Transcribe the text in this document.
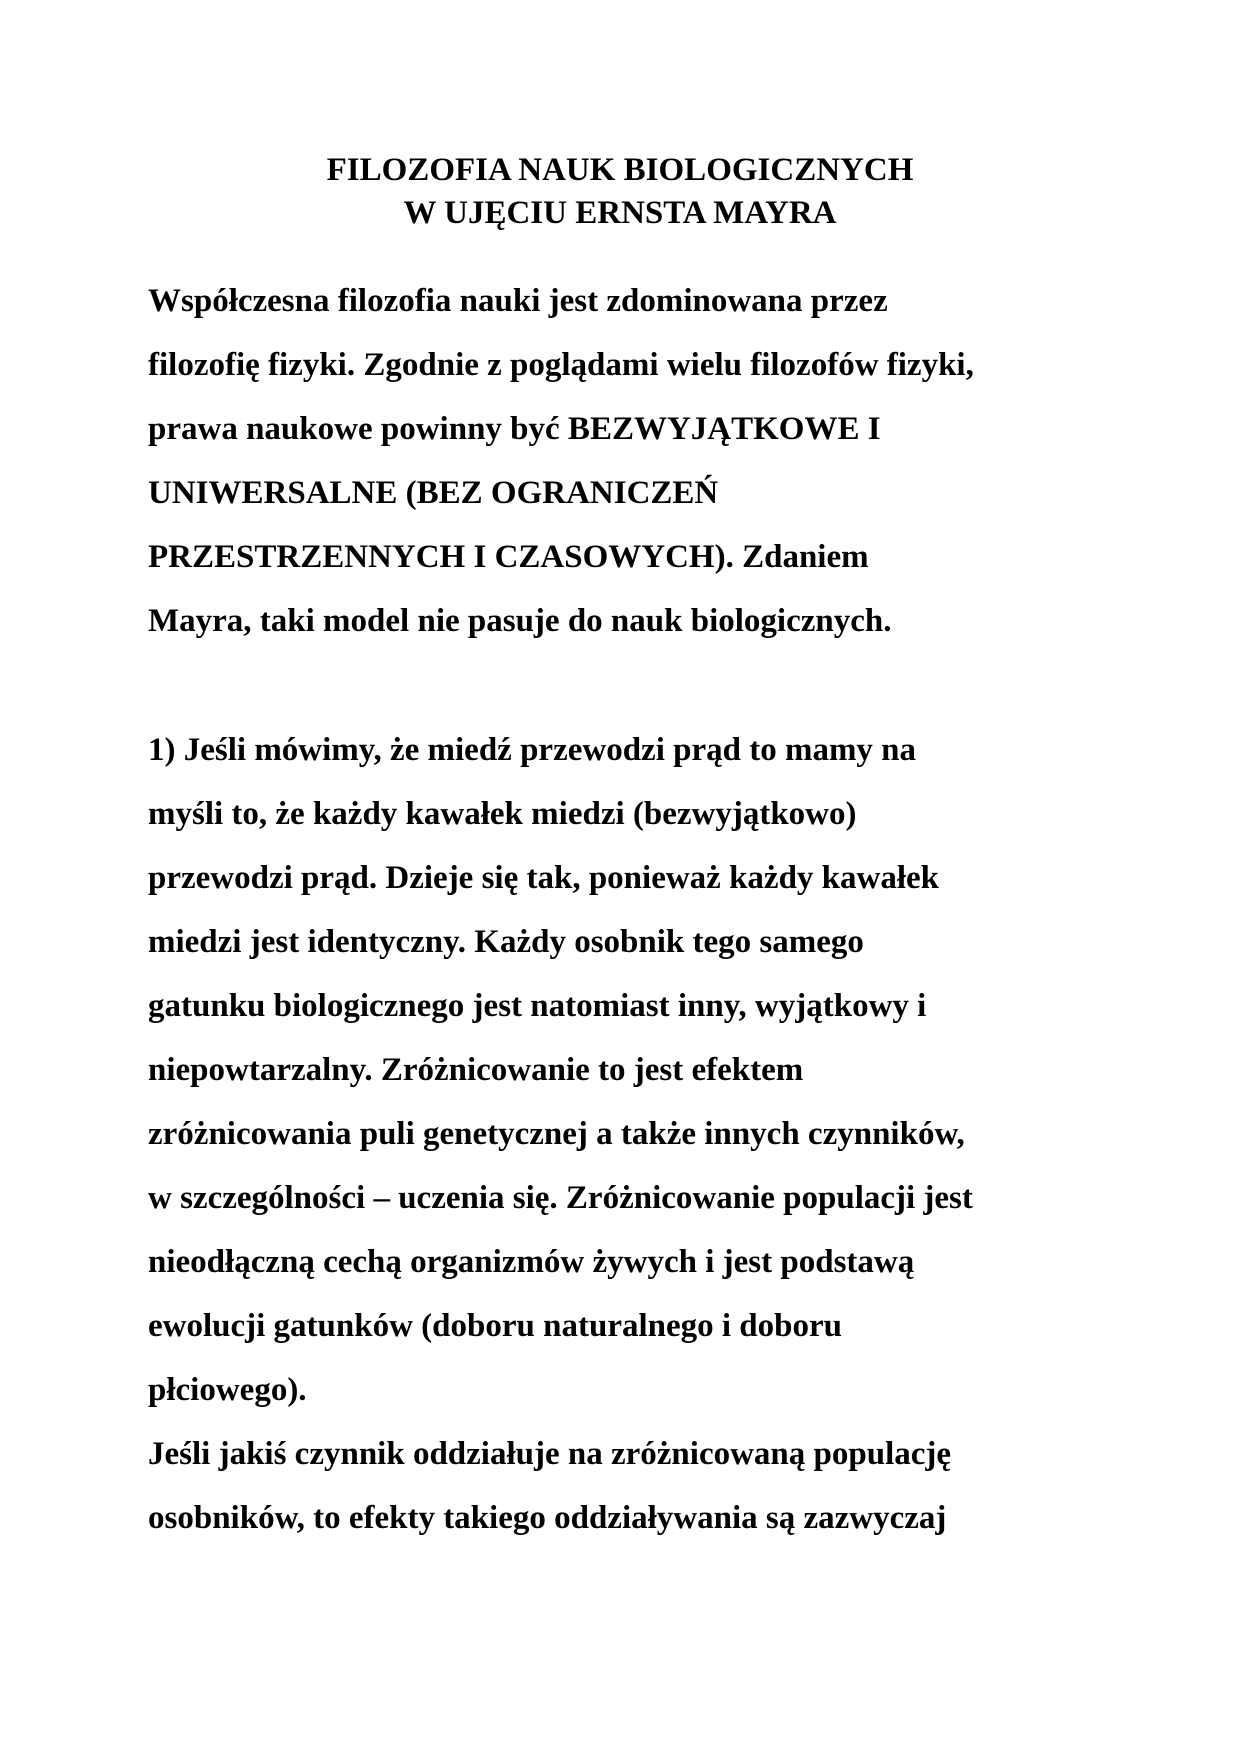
FILOZOFIA NAUK BIOLOGICZNYCH
W UJĘCIU ERNSTA MAYRA
Współczesna filozofia nauki jest zdominowana przez
filozofię fizyki. Zgodnie z poglądami wielu filozofów fizyki,
prawa naukowe powinny być BEZWYJĄTKOWE I
UNIWERSALNE (BEZ OGRANICZEŃ
PRZESTRZENNYCH I CZASOWYCH). Zdaniem
Mayra, taki model nie pasuje do nauk biologicznych.
1) Jeśli mówimy, że miedź przewodzi prąd to mamy na
myśli to, że każdy kawałek miedzi (bezwyjątkowo)
przewodzi prąd. Dzieje się tak, ponieważ każdy kawałek
miedzi jest identyczny. Każdy osobnik tego samego
gatunku biologicznego jest natomiast inny, wyjątkowy i
niepowtarzalny. Zróżnicowanie to jest efektem
zróżnicowania puli genetycznej a także innych czynników,
w szczególności – uczenia się. Zróżnicowanie populacji jest
nieodłączną cechą organizmów żywych i jest podstawą
ewolucji gatunków (doboru naturalnego i doboru
płciowego).
Jeśli jakiś czynnik oddziałuje na zróżnicowaną populację
osobników, to efekty takiego oddziaływania są zazwyczaj
